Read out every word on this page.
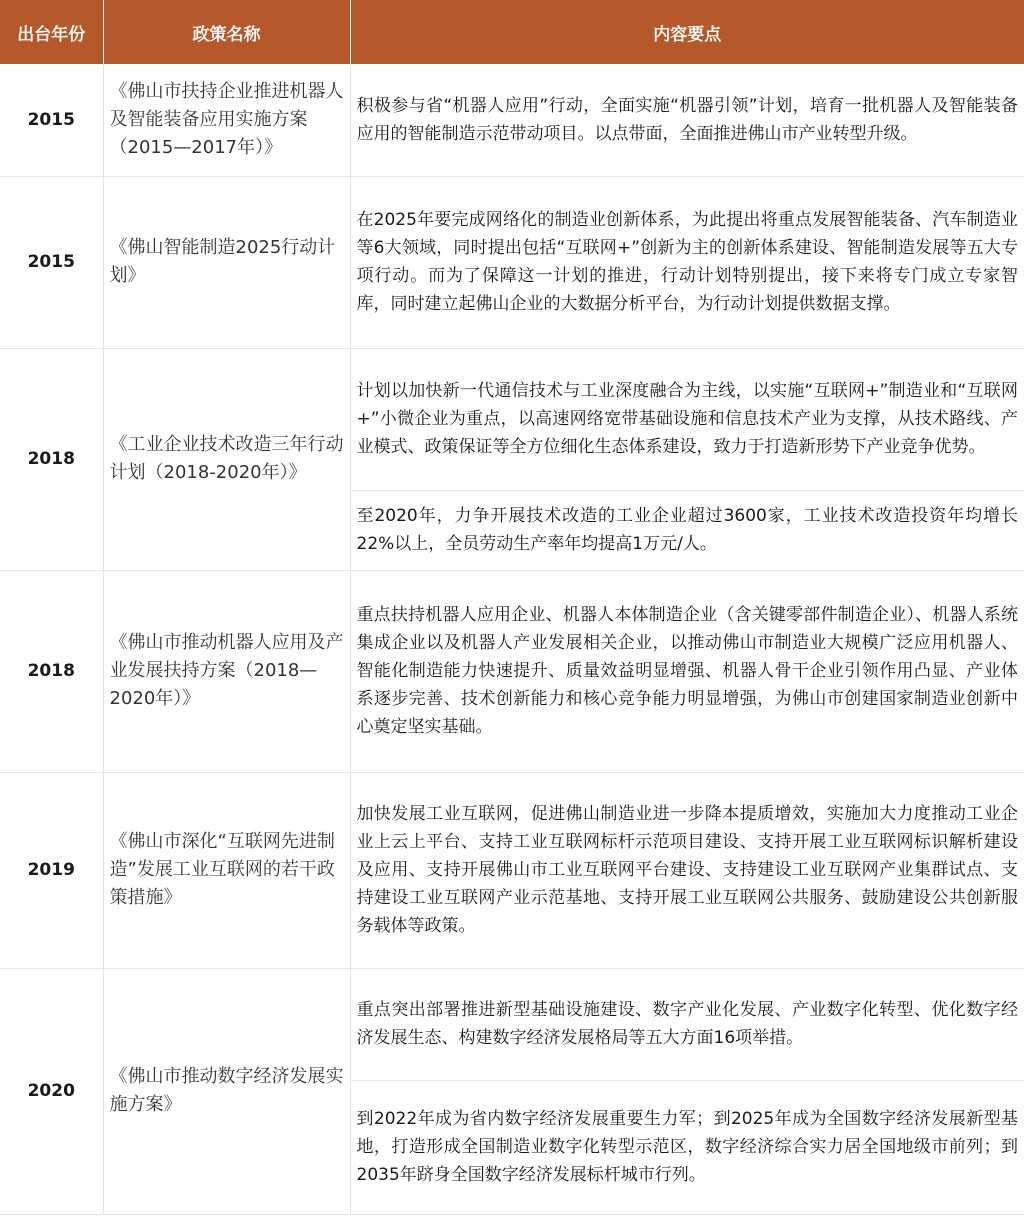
出台年份	政策名称	内容要点
2015	《佛山市扶持企业推进机器人及智能装备应用实施方案（2015—2017年）》	积极参与省“机器人应用”行动，全面实施“机器引领”计划，培育一批机器人及智能装备应用的智能制造示范带动项目。以点带面，全面推进佛山市产业转型升级。
2015	《佛山智能制造2025行动计划》	在2025年要完成网络化的制造业创新体系，为此提出将重点发展智能装备、汽车制造业等6大领域，同时提出包括“互联网+”创新为主的创新体系建设、智能制造发展等五大专项行动。而为了保障这一计划的推进，行动计划特别提出，接下来将专门成立专家智库，同时建立起佛山企业的大数据分析平台，为行动计划提供数据支撑。
2018	《工业企业技术改造三年行动计划（2018-2020年）》	计划以加快新一代通信技术与工业深度融合为主线，以实施“互联网+”制造业和“互联网+”小微企业为重点，以高速网络宽带基础设施和信息技术产业为支撑，从技术路线、产业模式、政策保证等全方位细化生态体系建设，致力于打造新形势下产业竞争优势。
		至2020年，力争开展技术改造的工业企业超过3600家，工业技术改造投资年均增长22%以上，全员劳动生产率年均提高1万元/人。
2018	《佛山市推动机器人应用及产业发展扶持方案（2018—2020年）》	重点扶持机器人应用企业、机器人本体制造企业（含关键零部件制造企业）、机器人系统集成企业以及机器人产业发展相关企业，以推动佛山市制造业大规模广泛应用机器人、智能化制造能力快速提升、质量效益明显增强、机器人骨干企业引领作用凸显、产业体系逐步完善、技术创新能力和核心竞争能力明显增强，为佛山市创建国家制造业创新中心奠定坚实基础。
2019	《佛山市深化“互联网先进制造”发展工业互联网的若干政策措施》	加快发展工业互联网，促进佛山制造业进一步降本提质增效，实施加大力度推动工业企业上云上平台、支持工业互联网标杆示范项目建设、支持开展工业互联网标识解析建设及应用、支持开展佛山市工业互联网平台建设、支持建设工业互联网产业集群试点、支持建设工业互联网产业示范基地、支持开展工业互联网公共服务、鼓励建设公共创新服务载体等政策。
2020	《佛山市推动数字经济发展实施方案》	重点突出部署推进新型基础设施建设、数字产业化发展、产业数字化转型、优化数字经济发展生态、构建数字经济发展格局等五大方面16项举措。
		到2022年成为省内数字经济发展重要生力军；到2025年成为全国数字经济发展新型基地，打造形成全国制造业数字化转型示范区，数字经济综合实力居全国地级市前列；到2035年跻身全国数字经济发展标杆城市行列。
